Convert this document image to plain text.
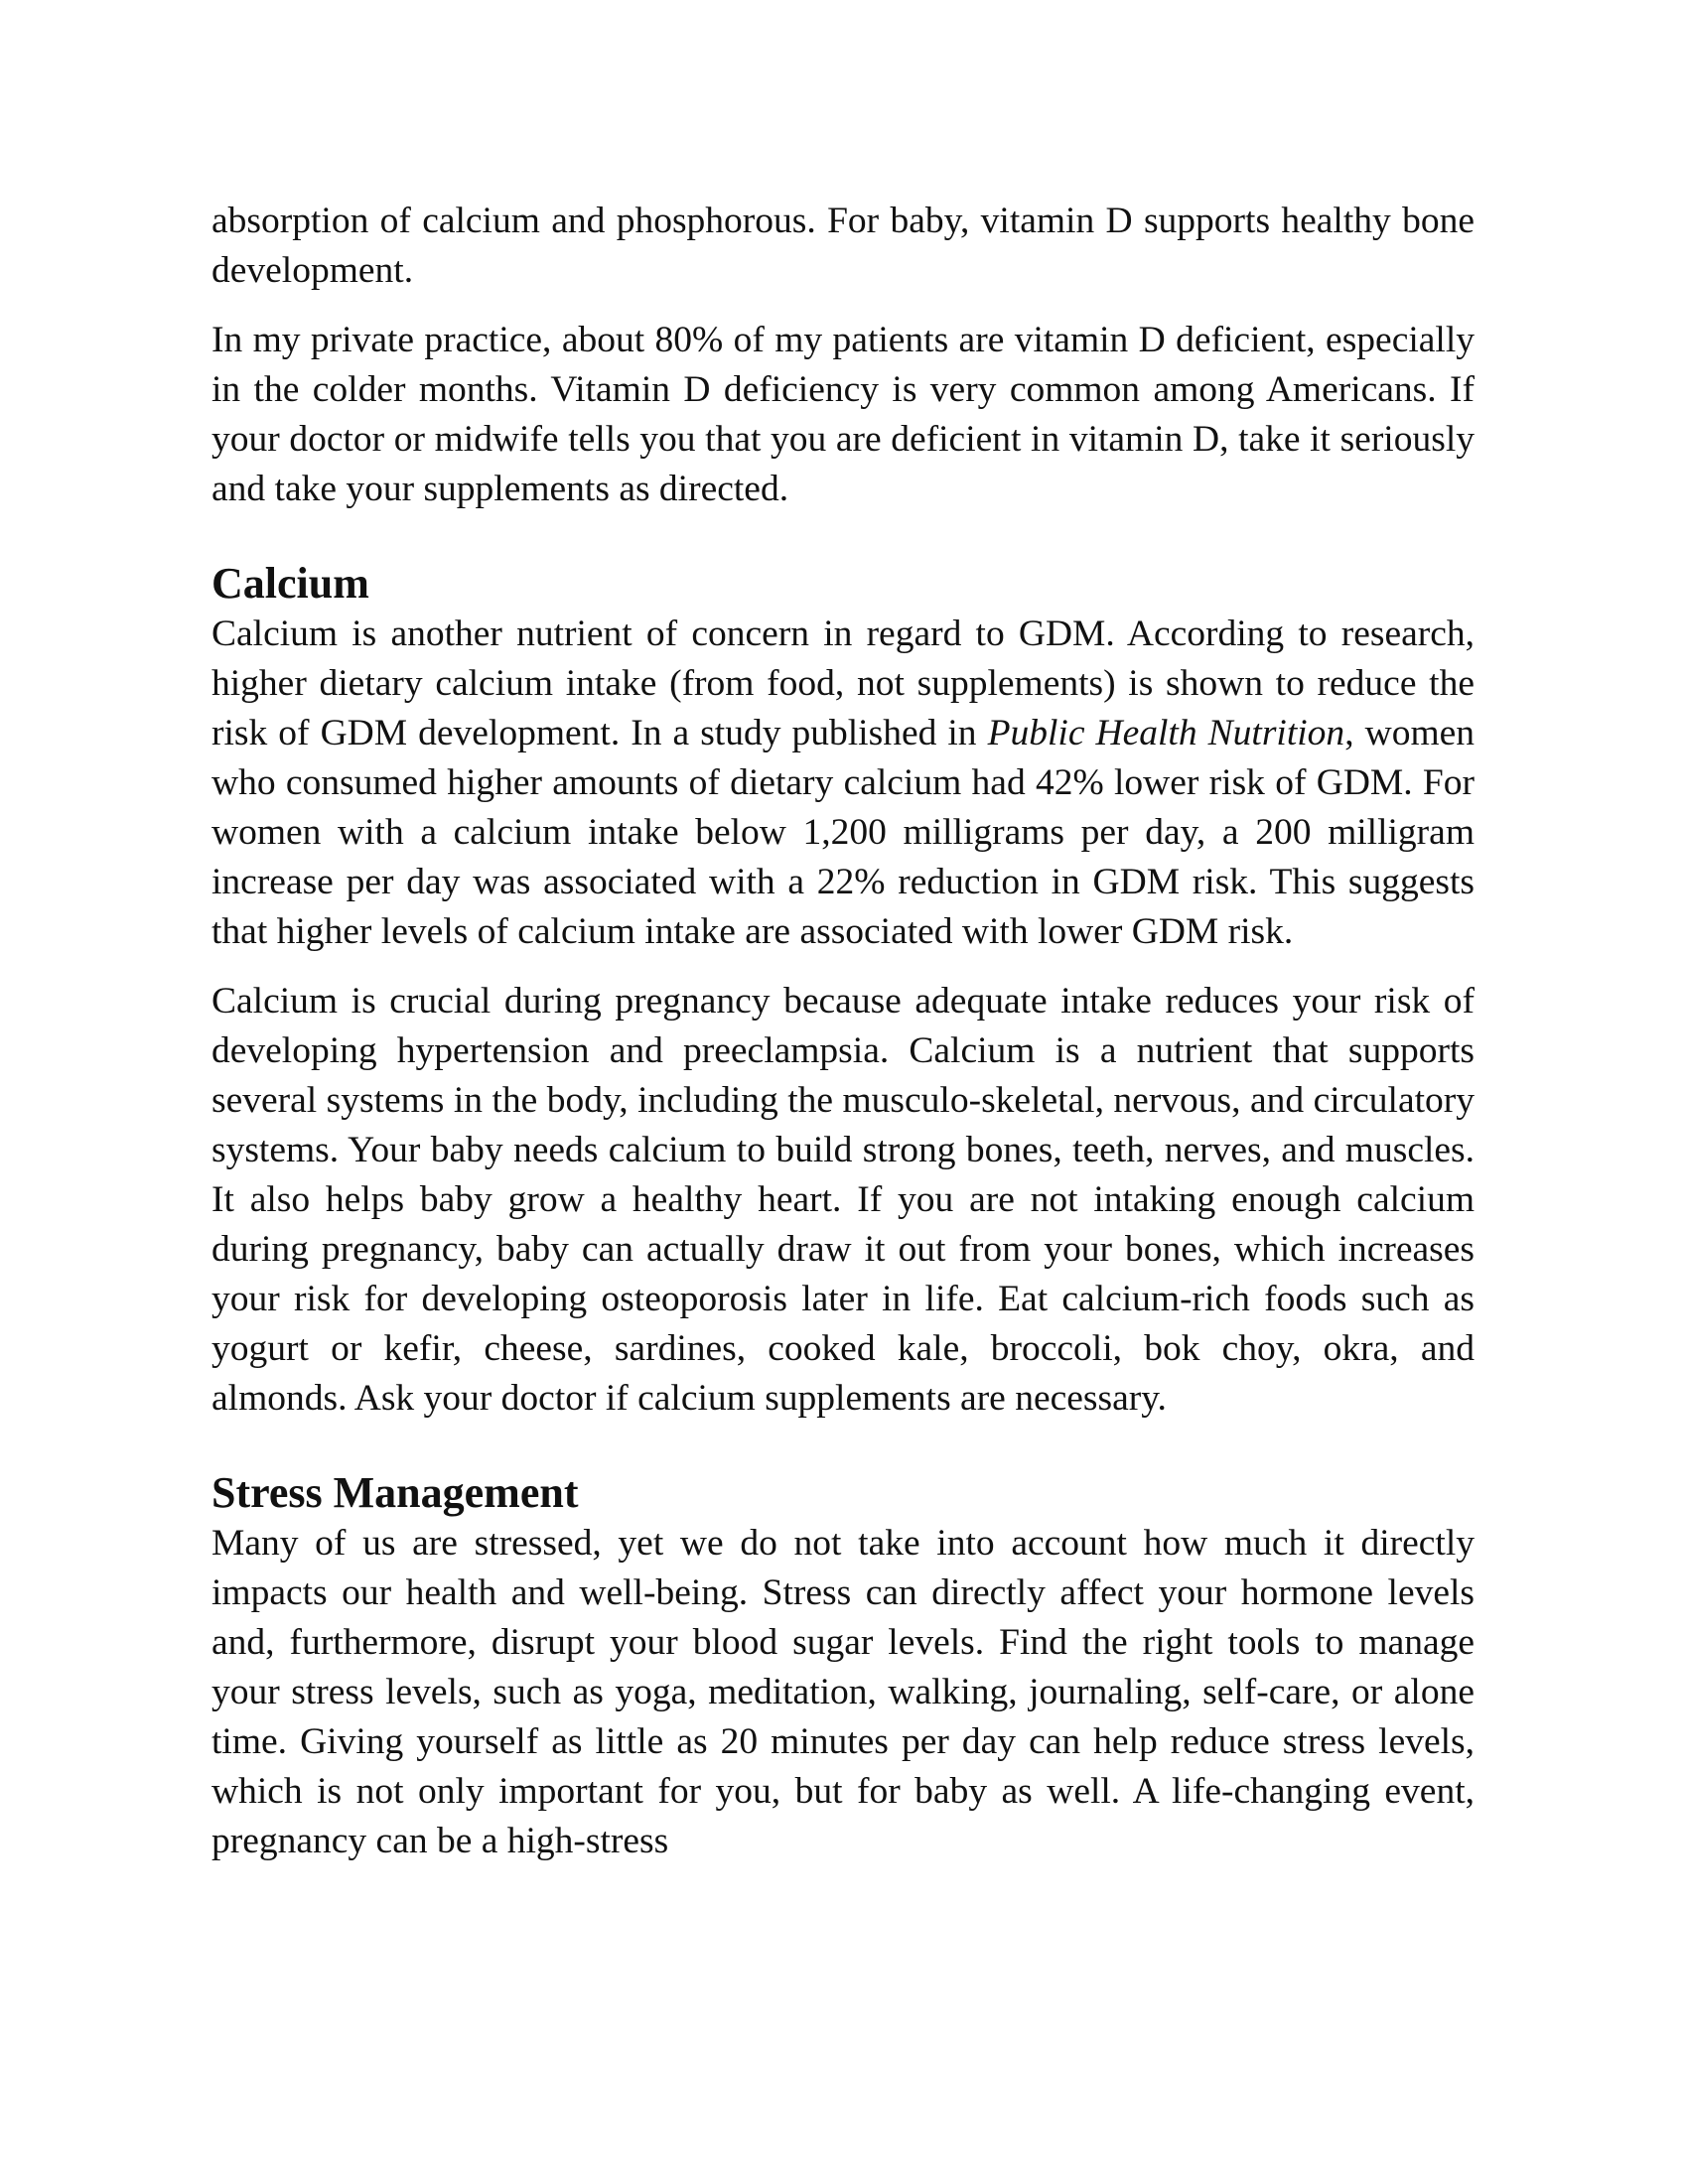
absorption of calcium and phosphorous. For baby, vitamin D supports healthy bone development.

In my private practice, about 80% of my patients are vitamin D deficient, especially in the colder months. Vitamin D deficiency is very common among Americans. If your doctor or midwife tells you that you are deficient in vitamin D, take it seriously and take your supplements as directed.

Calcium

Calcium is another nutrient of concern in regard to GDM. According to research, higher dietary calcium intake (from food, not supplements) is shown to reduce the risk of GDM development. In a study published in Public Health Nutrition, women who consumed higher amounts of dietary calcium had 42% lower risk of GDM. For women with a calcium intake below 1,200 milligrams per day, a 200 milligram increase per day was associated with a 22% reduction in GDM risk. This suggests that higher levels of calcium intake are associated with lower GDM risk.

Calcium is crucial during pregnancy because adequate intake reduces your risk of developing hypertension and preeclampsia. Calcium is a nutrient that supports several systems in the body, including the musculo-skeletal, nervous, and circulatory systems. Your baby needs calcium to build strong bones, teeth, nerves, and muscles. It also helps baby grow a healthy heart. If you are not intaking enough calcium during pregnancy, baby can actually draw it out from your bones, which increases your risk for developing osteoporosis later in life. Eat calcium-rich foods such as yogurt or kefir, cheese, sardines, cooked kale, broccoli, bok choy, okra, and almonds. Ask your doctor if calcium supplements are necessary.

Stress Management

Many of us are stressed, yet we do not take into account how much it directly impacts our health and well-being. Stress can directly affect your hormone levels and, furthermore, disrupt your blood sugar levels. Find the right tools to manage your stress levels, such as yoga, meditation, walking, journaling, self-care, or alone time. Giving yourself as little as 20 minutes per day can help reduce stress levels, which is not only important for you, but for baby as well. A life-changing event, pregnancy can be a high-stress
